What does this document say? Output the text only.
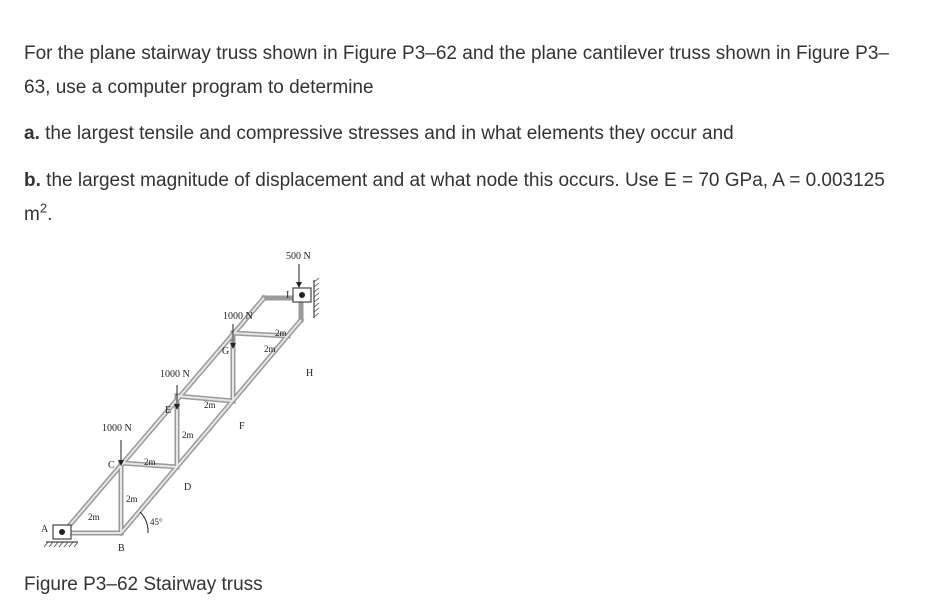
For the plane stairway truss shown in Figure P3–62 and the plane cantilever truss shown in Figure P3–63, use a computer program to determine

a. the largest tensile and compressive stresses and in what elements they occur and

b. the largest magnitude of displacement and at what node this occurs. Use E = 70 GPa, A = 0.003125 $m^2$.

45°
500 N
1000 N
1000 N
1000 N
A
B
C
D
E
F
G
H
I
2m
2m
2m
2m
2m
2m
2m

Figure P3–62 Stairway truss
